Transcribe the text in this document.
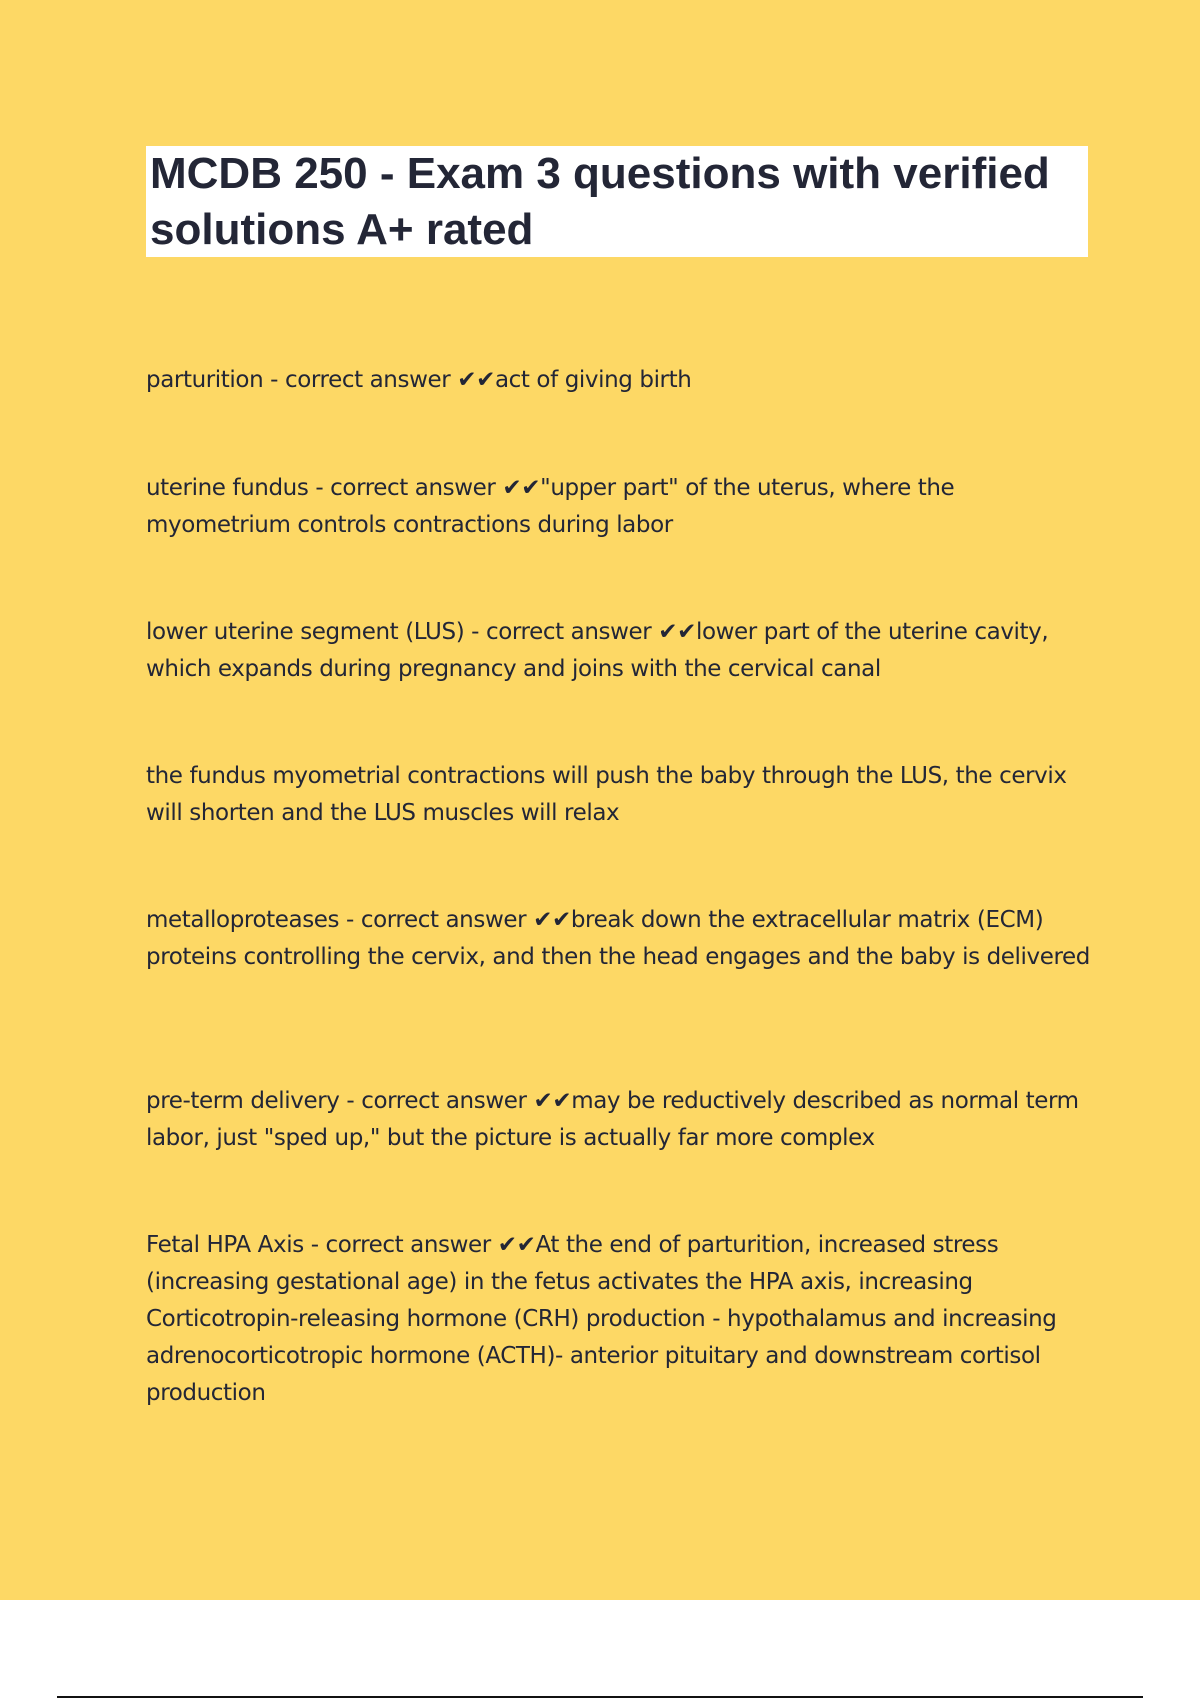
MCDB 250 - Exam 3 questions with verified solutions A+ rated

parturition - correct answer ✔✔act of giving birth

uterine fundus - correct answer ✔✔"upper part" of the uterus, where the myometrium controls contractions during labor

lower uterine segment (LUS) - correct answer ✔✔lower part of the uterine cavity, which expands during pregnancy and joins with the cervical canal

the fundus myometrial contractions will push the baby through the LUS, the cervix will shorten and the LUS muscles will relax

metalloproteases - correct answer ✔✔break down the extracellular matrix (ECM) proteins controlling the cervix, and then the head engages and the baby is delivered

pre-term delivery - correct answer ✔✔may be reductively described as normal term labor, just "sped up," but the picture is actually far more complex

Fetal HPA Axis - correct answer ✔✔At the end of parturition, increased stress (increasing gestational age) in the fetus activates the HPA axis, increasing Corticotropin-releasing hormone (CRH) production - hypothalamus and increasing adrenocorticotropic hormone (ACTH)- anterior pituitary and downstream cortisol production
